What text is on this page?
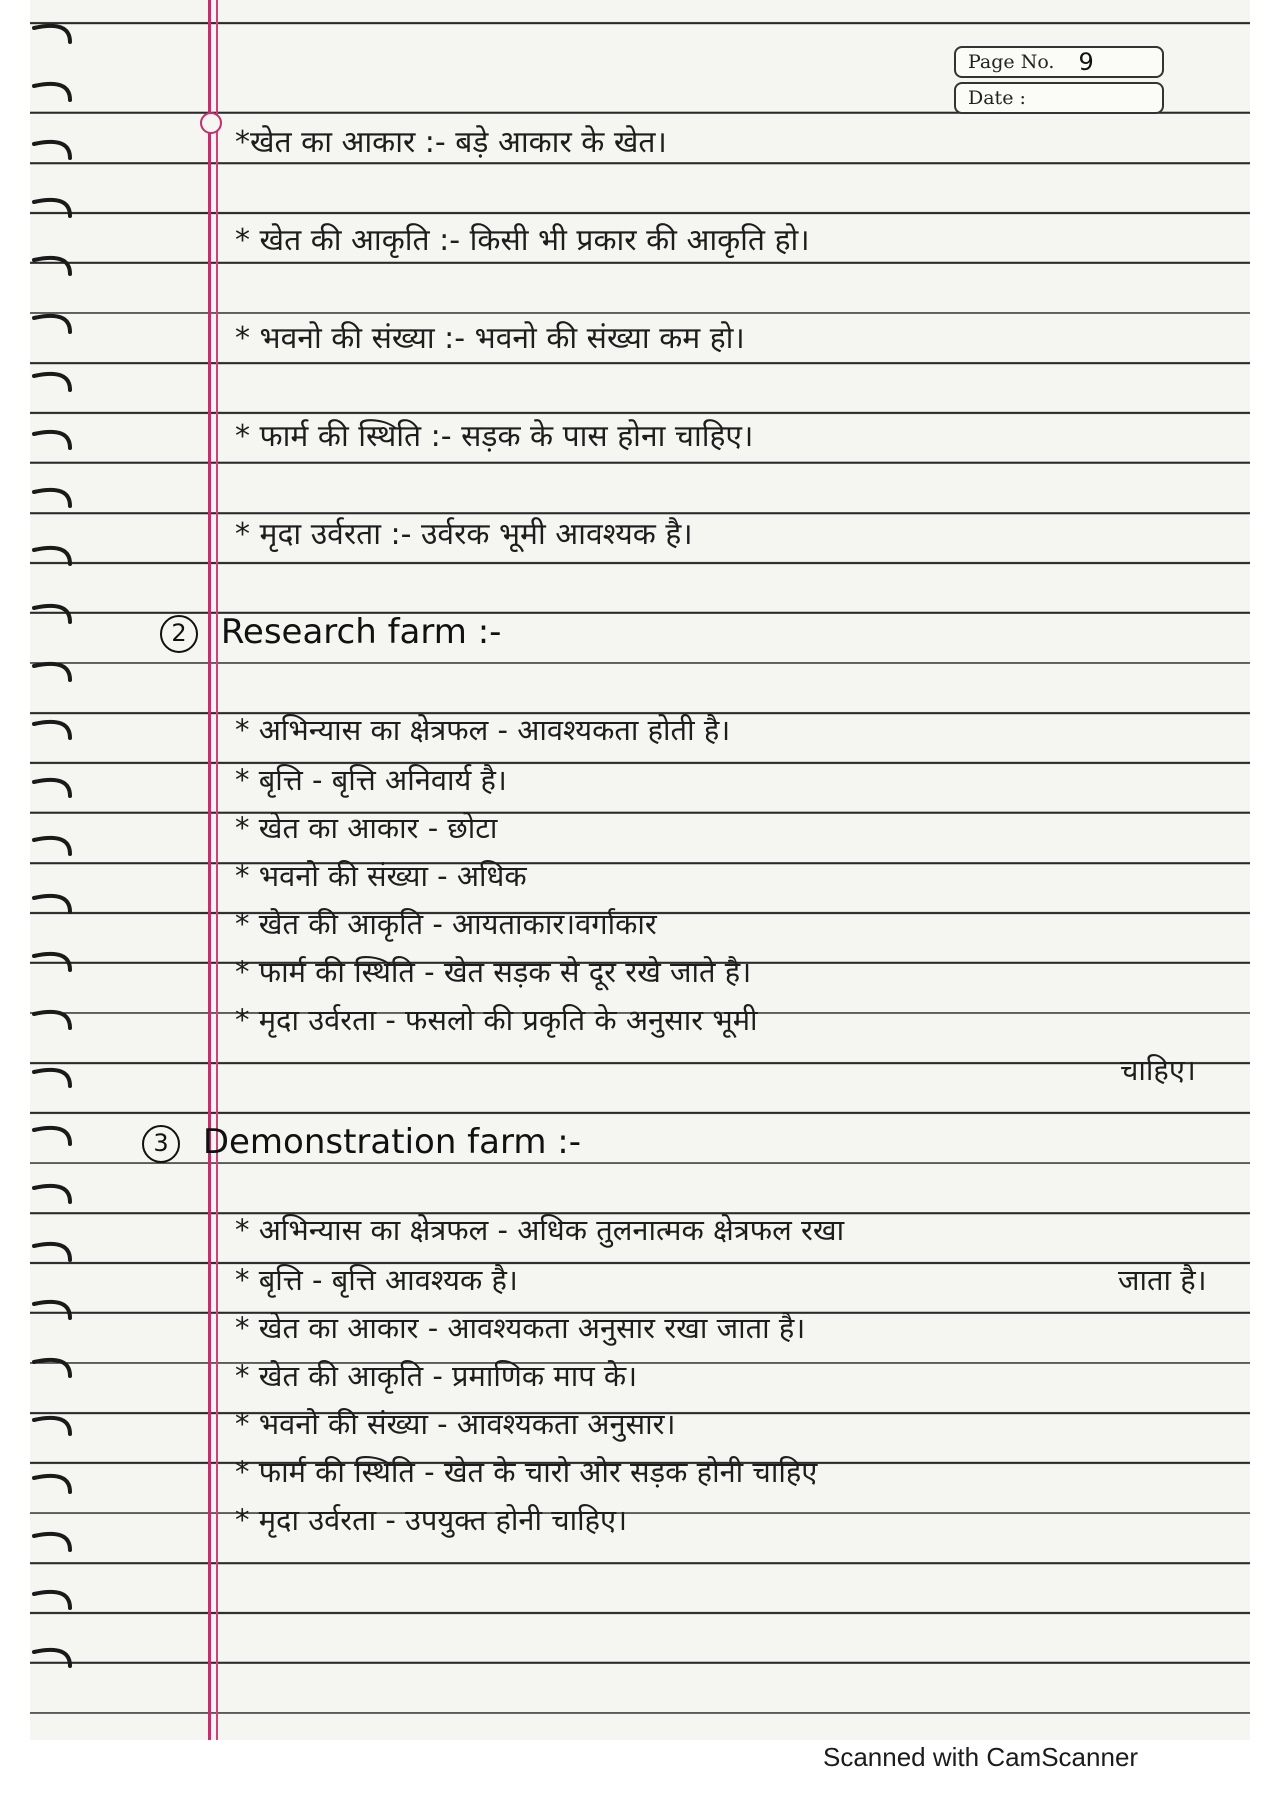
Page No. 9
Date :
*खेत का आकार :- बड़े आकार के खेत।
* खेत की आकृति :- किसी भी प्रकार की आकृति हो।
* भवनो की संख्या :- भवनो की संख्या कम हो।
* फार्म की स्थिति :- सड़क के पास होना चाहिए।
* मृदा उर्वरता :- उर्वरक भूमी आवश्यक है।
2 Research farm :-
* अभिन्यास का क्षेत्रफल - आवश्यकता होती है।
* बृत्ति - बृत्ति अनिवार्य है।
* खेत का आकार - छोटा
* भवनो की संख्या - अधिक
* खेत की आकृति - आयताकार।वर्गाकार
* फार्म की स्थिति - खेत सड़क से दूर रखे जाते है।
* मृदा उर्वरता - फसलो की प्रकृति के अनुसार भूमी
चाहिए।
3 Demonstration farm :-
* अभिन्यास का क्षेत्रफल - अधिक तुलनात्मक क्षेत्रफल रखा
* बृत्ति - बृत्ति आवश्यक है।	जाता है।
* खेत का आकार - आवश्यकता अनुसार रखा जाता है।
* खेत की आकृति - प्रमाणिक माप के।
* भवनो की संख्या - आवश्यकता अनुसार।
* फार्म की स्थिति - खेत के चारो ओर सड़क होनी चाहिए
* मृदा उर्वरता - उपयुक्त होनी चाहिए।
Scanned with CamScanner
